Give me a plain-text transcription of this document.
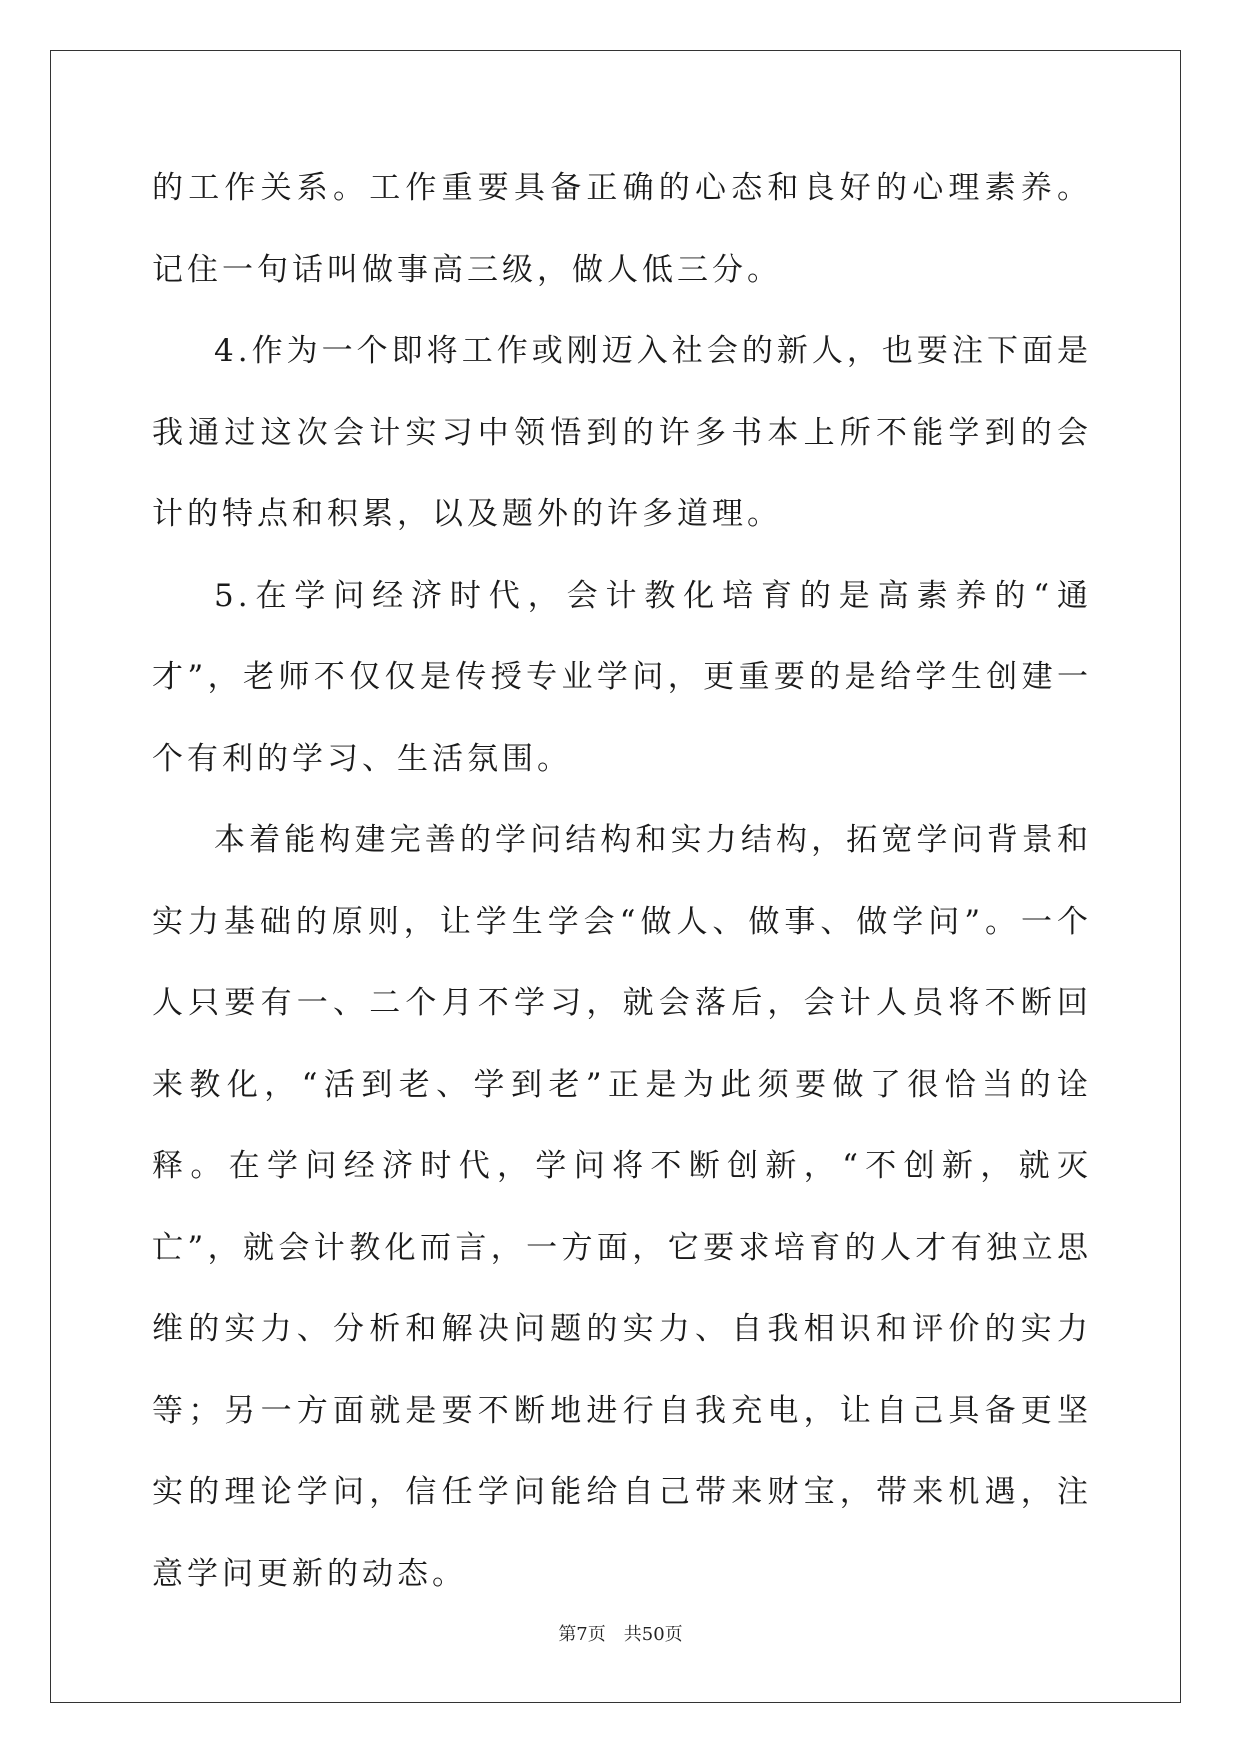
的工作关系。工作重要具备正确的心态和良好的心理素养。记住一句话叫做事高三级，做人低三分。

4.作为一个即将工作或刚迈入社会的新人，也要注下面是我通过这次会计实习中领悟到的许多书本上所不能学到的会计的特点和积累，以及题外的许多道理。

5.在学问经济时代，会计教化培育的是高素养的“通才”，老师不仅仅是传授专业学问，更重要的是给学生创建一个有利的学习、生活氛围。

本着能构建完善的学问结构和实力结构，拓宽学问背景和实力基础的原则，让学生学会“做人、做事、做学问”。一个人只要有一、二个月不学习，就会落后，会计人员将不断回来教化，“活到老、学到老”正是为此须要做了很恰当的诠释。在学问经济时代，学问将不断创新，“不创新，就灭亡”，就会计教化而言，一方面，它要求培育的人才有独立思维的实力、分析和解决问题的实力、自我相识和评价的实力等；另一方面就是要不断地进行自我充电，让自己具备更坚实的理论学问，信任学问能给自己带来财宝，带来机遇，注意学问更新的动态。

第7页　共50页
